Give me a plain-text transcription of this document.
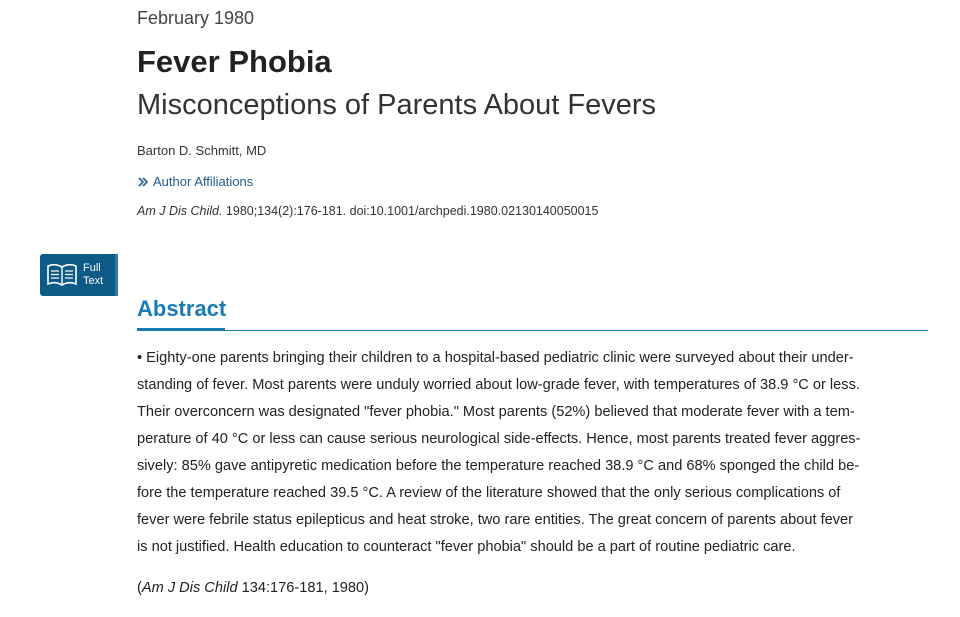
February 1980
Fever Phobia
Misconceptions of Parents About Fevers
Barton D. Schmitt, MD
Author Affiliations
Am J Dis Child. 1980;134(2):176-181. doi:10.1001/archpedi.1980.02130140050015
Full
Text
Abstract
• Eighty-one parents bringing their children to a hospital-based pediatric clinic were surveyed about their under-
standing of fever. Most parents were unduly worried about low-grade fever, with temperatures of 38.9 °C or less.
Their overconcern was designated "fever phobia." Most parents (52%) believed that moderate fever with a tem-
perature of 40 °C or less can cause serious neurological side-effects. Hence, most parents treated fever aggres-
sively: 85% gave antipyretic medication before the temperature reached 38.9 °C and 68% sponged the child be-
fore the temperature reached 39.5 °C. A review of the literature showed that the only serious complications of
fever were febrile status epilepticus and heat stroke, two rare entities. The great concern of parents about fever
is not justified. Health education to counteract "fever phobia" should be a part of routine pediatric care.
(Am J Dis Child 134:176-181, 1980)
